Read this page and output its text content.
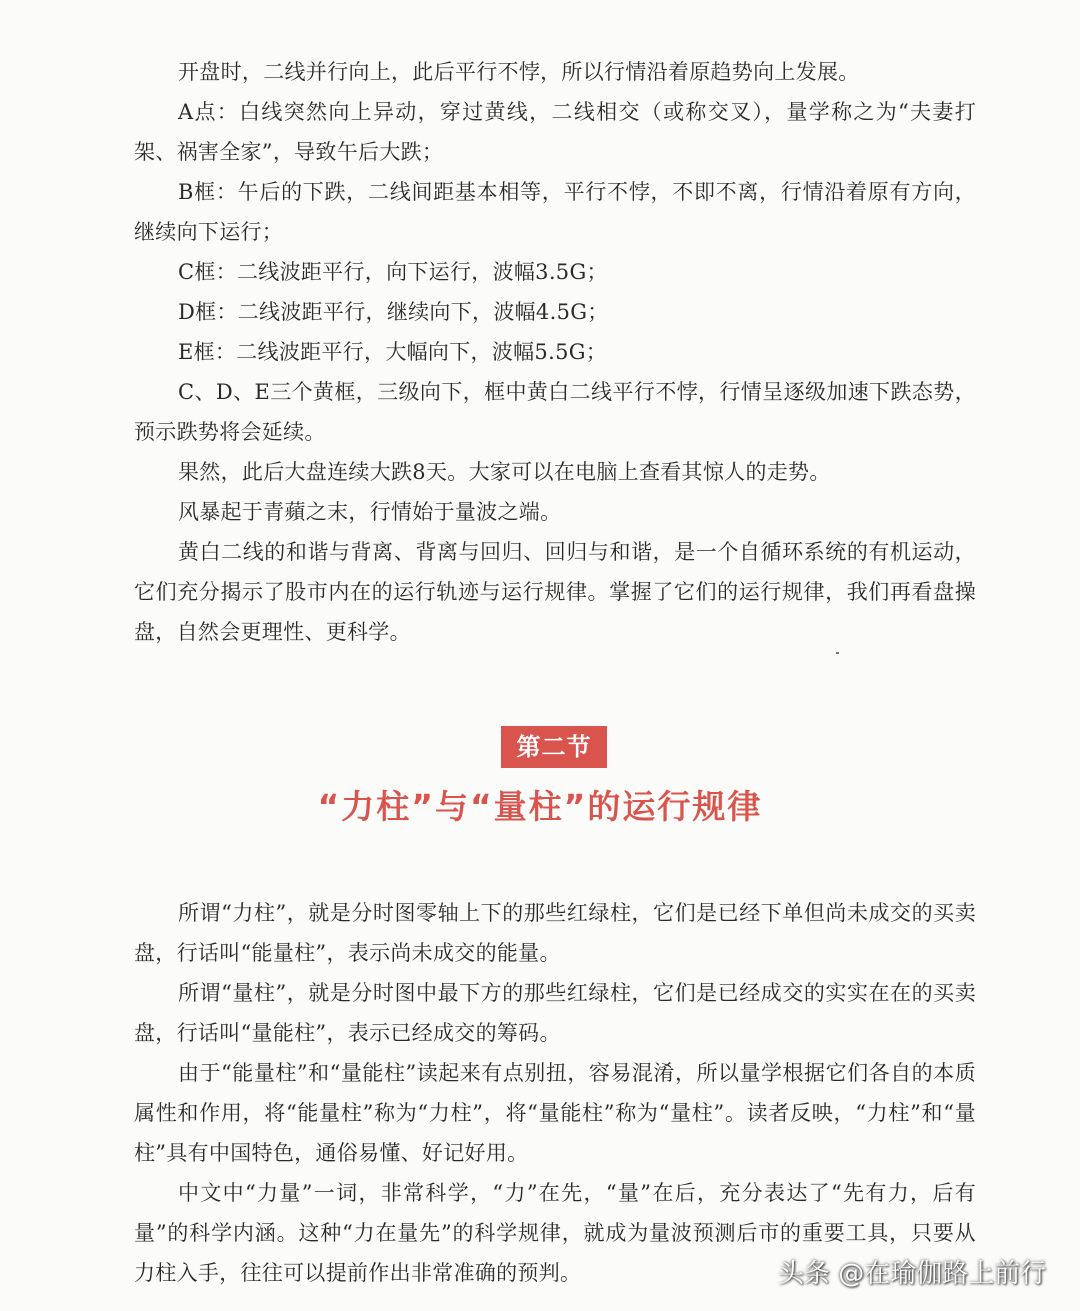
开盘时，二线并行向上，此后平行不悖，所以行情沿着原趋势向上发展。

A点：白线突然向上异动，穿过黄线，二线相交（或称交叉），量学称之为“夫妻打架、祸害全家”，导致午后大跌；

B框：午后的下跌，二线间距基本相等，平行不悖，不即不离，行情沿着原有方向，继续向下运行；

C框：二线波距平行，向下运行，波幅3.5G；

D框：二线波距平行，继续向下，波幅4.5G；

E框：二线波距平行，大幅向下，波幅5.5G；

C、D、E三个黄框，三级向下，框中黄白二线平行不悖，行情呈逐级加速下跌态势，预示跌势将会延续。

果然，此后大盘连续大跌8天。大家可以在电脑上查看其惊人的走势。

风暴起于青蘋之末，行情始于量波之端。

黄白二线的和谐与背离、背离与回归、回归与和谐，是一个自循环系统的有机运动，它们充分揭示了股市内在的运行轨迹与运行规律。掌握了它们的运行规律，我们再看盘操盘，自然会更理性、更科学。

第二节
“力柱”与“量柱”的运行规律

所谓“力柱”，就是分时图零轴上下的那些红绿柱，它们是已经下单但尚未成交的买卖盘，行话叫“能量柱”，表示尚未成交的能量。

所谓“量柱”，就是分时图中最下方的那些红绿柱，它们是已经成交的实实在在的买卖盘，行话叫“量能柱”，表示已经成交的筹码。

由于“能量柱”和“量能柱”读起来有点别扭，容易混淆，所以量学根据它们各自的本质属性和作用，将“能量柱”称为“力柱”，将“量能柱”称为“量柱”。读者反映，“力柱”和“量柱”具有中国特色，通俗易懂、好记好用。

中文中“力量”一词，非常科学，“力”在先，“量”在后，充分表达了“先有力，后有量”的科学内涵。这种“力在量先”的科学规律，就成为量波预测后市的重要工具，只要从力柱入手，往往可以提前作出非常准确的预判。	头条 @在瑜伽路上前行
